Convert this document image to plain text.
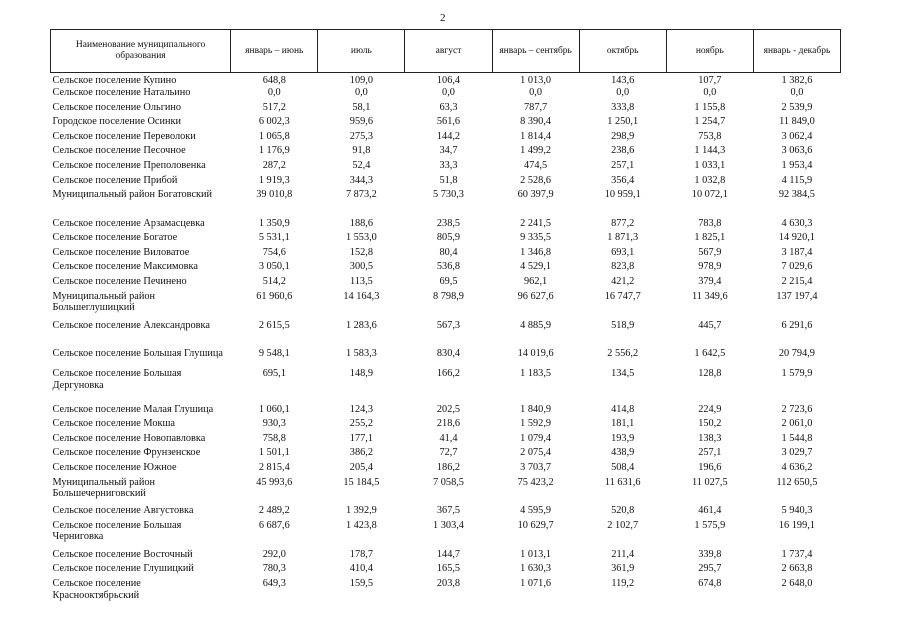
2
Наименование муниципального образования	январь – июнь	июль	август	январь – сентябрь	октябрь	ноябрь	январь - декабрь
Сельское поселение Купино	648,8	109,0	106,4	1 013,0	143,6	107,7	1 382,6
Сельское поселение Натальино	0,0	0,0	0,0	0,0	0,0	0,0	0,0
Сельское поселение Ольгино	517,2	58,1	63,3	787,7	333,8	1 155,8	2 539,9
Городское поселение Осинки	6 002,3	959,6	561,6	8 390,4	1 250,1	1 254,7	11 849,0
Сельское поселение Переволоки	1 065,8	275,3	144,2	1 814,4	298,9	753,8	3 062,4
Сельское поселение Песочное	1 176,9	91,8	34,7	1 499,2	238,6	1 144,3	3 063,6
Сельское поселение Преполовенка	287,2	52,4	33,3	474,5	257,1	1 033,1	1 953,4
Сельское поселение Прибой	1 919,3	344,3	51,8	2 528,6	356,4	1 032,8	4 115,9
Муниципальный район Богатовский	39 010,8	7 873,2	5 730,3	60 397,9	10 959,1	10 072,1	92 384,5
Сельское поселение Арзамасцевка	1 350,9	188,6	238,5	2 241,5	877,2	783,8	4 630,3
Сельское поселение Богатое	5 531,1	1 553,0	805,9	9 335,5	1 871,3	1 825,1	14 920,1
Сельское поселение Виловатое	754,6	152,8	80,4	1 346,8	693,1	567,9	3 187,4
Сельское поселение Максимовка	3 050,1	300,5	536,8	4 529,1	823,8	978,9	7 029,6
Сельское поселение Печинено	514,2	113,5	69,5	962,1	421,2	379,4	2 215,4
Муниципальный район Большеглушицкий	61 960,6	14 164,3	8 798,9	96 627,6	16 747,7	11 349,6	137 197,4
Сельское поселение Александровка	2 615,5	1 283,6	567,3	4 885,9	518,9	445,7	6 291,6
Сельское поселение Большая Глушица	9 548,1	1 583,3	830,4	14 019,6	2 556,2	1 642,5	20 794,9
Сельское поселение Большая Дергуновка	695,1	148,9	166,2	1 183,5	134,5	128,8	1 579,9
Сельское поселение Малая Глушица	1 060,1	124,3	202,5	1 840,9	414,8	224,9	2 723,6
Сельское поселение Мокша	930,3	255,2	218,6	1 592,9	181,1	150,2	2 061,0
Сельское поселение Новопавловка	758,8	177,1	41,4	1 079,4	193,9	138,3	1 544,8
Сельское поселение Фрунзенское	1 501,1	386,2	72,7	2 075,4	438,9	257,1	3 029,7
Сельское поселение Южное	2 815,4	205,4	186,2	3 703,7	508,4	196,6	4 636,2
Муниципальный район Большечерниговский	45 993,6	15 184,5	7 058,5	75 423,2	11 631,6	11 027,5	112 650,5
Сельское поселение Августовка	2 489,2	1 392,9	367,5	4 595,9	520,8	461,4	5 940,3
Сельское поселение Большая Черниговка	6 687,6	1 423,8	1 303,4	10 629,7	2 102,7	1 575,9	16 199,1
Сельское поселение Восточный	292,0	178,7	144,7	1 013,1	211,4	339,8	1 737,4
Сельское поселение Глушицкий	780,3	410,4	165,5	1 630,3	361,9	295,7	2 663,8
Сельское поселение Краснооктябрьский	649,3	159,5	203,8	1 071,6	119,2	674,8	2 648,0
